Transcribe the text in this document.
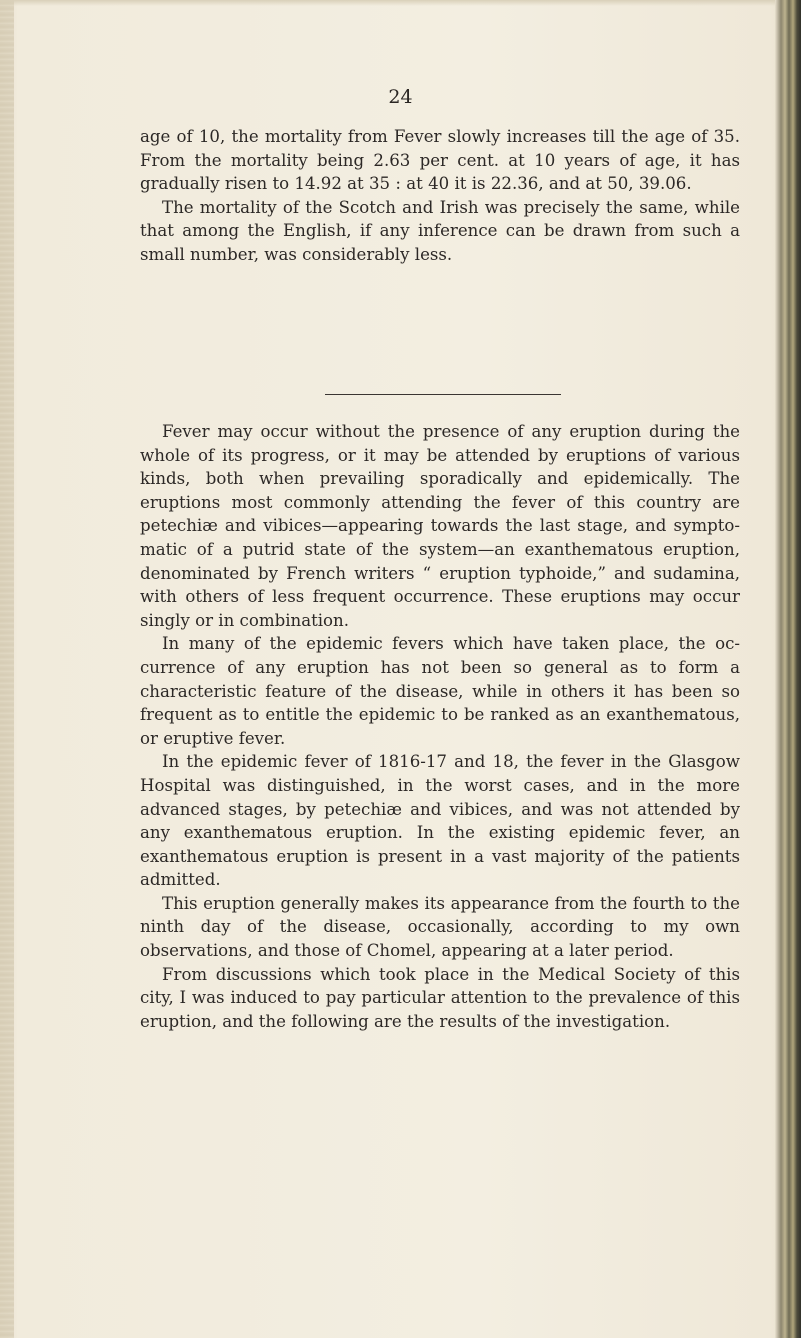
24

age of 10, the mortality from Fever slowly increases till the age of 35. From the mortality being 2.63 per cent. at 10 years of age, it has gradually risen to 14.92 at 35 : at 40 it is 22.36, and at 50, 39.06.

The mortality of the Scotch and Irish was precisely the same, while that among the English, if any inference can be drawn from such a small number, was considerably less.

Fever may occur without the presence of any eruption during the whole of its progress, or it may be attended by eruptions of various kinds, both when prevailing sporadically and epidemically. The eruptions most commonly attending the fever of this country are petechiæ and vibices—appearing towards the last stage, and symptomatic of a putrid state of the system—an exanthematous eruption, denominated by French writers “ eruption typhoide,” and sudamina, with others of less frequent occurrence. These eruptions may occur singly or in combination.

In many of the epidemic fevers which have taken place, the occurrence of any eruption has not been so general as to form a characteristic feature of the disease, while in others it has been so frequent as to entitle the epidemic to be ranked as an exanthematous, or eruptive fever.

In the epidemic fever of 1816-17 and 18, the fever in the Glasgow Hospital was distinguished, in the worst cases, and in the more advanced stages, by petechiæ and vibices, and was not attended by any exanthematous eruption. In the existing epidemic fever, an exanthematous eruption is present in a vast majority of the patients admitted.

This eruption generally makes its appearance from the fourth to the ninth day of the disease, occasionally, according to my own observations, and those of Chomel, appearing at a later period.

From discussions which took place in the Medical Society of this city, I was induced to pay particular attention to the prevalence of this eruption, and the following are the results of the investigation.
